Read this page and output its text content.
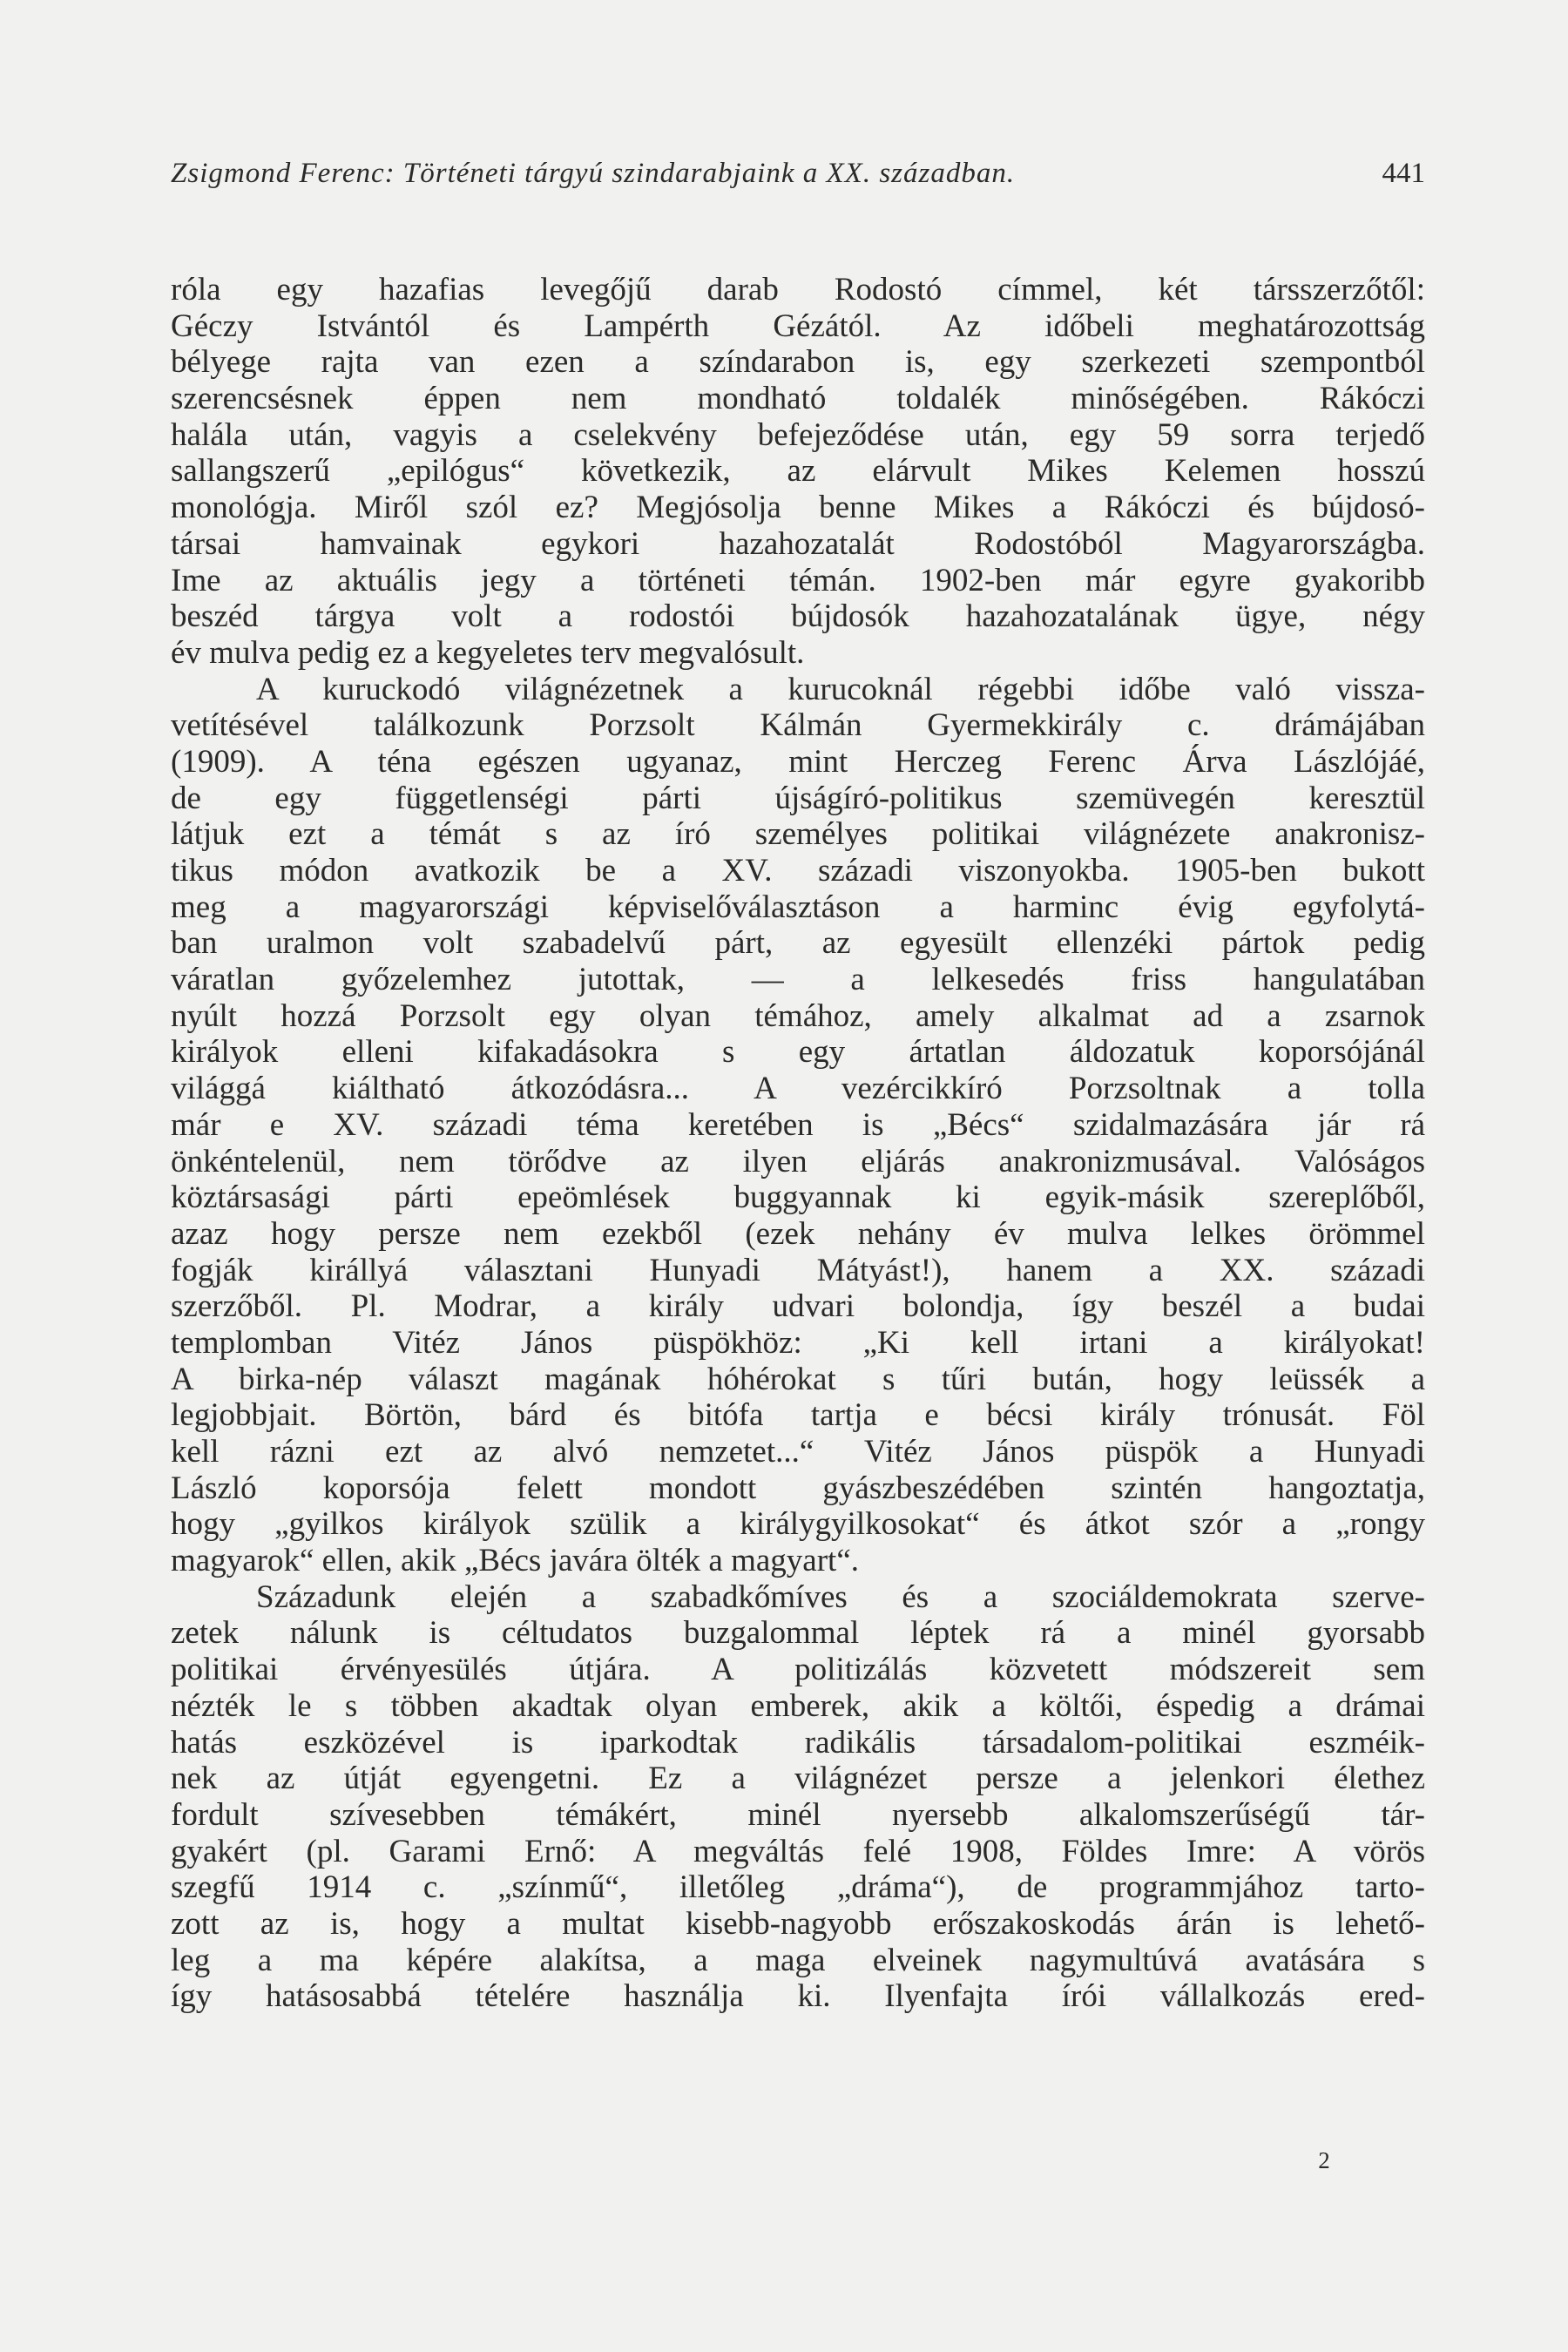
Zsigmond Ferenc: Történeti tárgyú szindarabjaink a XX. században.	441
róla egy hazafias levegőjű darab Rodostó címmel, két társszerzőtől:
Géczy Istvántól és Lampérth Gézától. Az időbeli meghatározottság
bélyege rajta van ezen a színdarabon is, egy szerkezeti szempontból
szerencsésnek éppen nem mondható toldalék minőségében. Rákóczi
halála után, vagyis a cselekvény befejeződése után, egy 59 sorra terjedő
sallangszerű „epilógus“ következik, az elárvult Mikes Kelemen hosszú
monológja. Miről szól ez? Megjósolja benne Mikes a Rákóczi és bújdosó-
társai hamvainak egykori hazahozatalát Rodostóból Magyarországba.
Ime az aktuális jegy a történeti témán. 1902-ben már egyre gyakoribb
beszéd tárgya volt a rodostói bújdosók hazahozatalának ügye, négy
év mulva pedig ez a kegyeletes terv megvalósult.
A kuruckodó világnézetnek a kurucoknál régebbi időbe való vissza-
vetítésével találkozunk Porzsolt Kálmán Gyermekkirály c. drámájában
(1909). A téna egészen ugyanaz, mint Herczeg Ferenc Árva Lászlójáé,
de egy függetlenségi párti újságíró-politikus szemüvegén keresztül
látjuk ezt a témát s az író személyes politikai világnézete anakronisz-
tikus módon avatkozik be a XV. századi viszonyokba. 1905-ben bukott
meg a magyarországi képviselőválasztáson a harminc évig egyfolytá-
ban uralmon volt szabadelvű párt, az egyesült ellenzéki pártok pedig
váratlan győzelemhez jutottak, — a lelkesedés friss hangulatában
nyúlt hozzá Porzsolt egy olyan témához, amely alkalmat ad a zsarnok
királyok elleni kifakadásokra s egy ártatlan áldozatuk koporsójánál
világgá kiáltható átkozódásra... A vezércikkíró Porzsoltnak a tolla
már e XV. századi téma keretében is „Bécs“ szidalmazására jár rá
önkéntelenül, nem törődve az ilyen eljárás anakronizmusával. Valóságos
köztársasági párti epeömlések buggyannak ki egyik-másik szereplőből,
azaz hogy persze nem ezekből (ezek nehány év mulva lelkes örömmel
fogják királlyá választani Hunyadi Mátyást!), hanem a XX. századi
szerzőből. Pl. Modrar, a király udvari bolondja, így beszél a budai
templomban Vitéz János püspökhöz: „Ki kell irtani a királyokat!
A birka-nép választ magának hóhérokat s tűri bután, hogy leüssék a
legjobbjait. Börtön, bárd és bitófa tartja e bécsi király trónusát. Föl
kell rázni ezt az alvó nemzetet...“ Vitéz János püspök a Hunyadi
László koporsója felett mondott gyászbeszédében szintén hangoztatja,
hogy „gyilkos királyok szülik a királygyilkosokat“ és átkot szór a „rongy
magyarok“ ellen, akik „Bécs javára ölték a magyart“.
Századunk elején a szabadkőmíves és a szociáldemokrata szerve-
zetek nálunk is céltudatos buzgalommal léptek rá a minél gyorsabb
politikai érvényesülés útjára. A politizálás közvetett módszereit sem
nézték le s többen akadtak olyan emberek, akik a költői, éspedig a drámai
hatás eszközével is iparkodtak radikális társadalom-politikai eszméik-
nek az útját egyengetni. Ez a világnézet persze a jelenkori élethez
fordult szívesebben témákért, minél nyersebb alkalomszerűségű tár-
gyakért (pl. Garami Ernő: A megváltás felé 1908, Földes Imre: A vörös
szegfű 1914 c. „színmű“, illetőleg „dráma“), de programmjához tarto-
zott az is, hogy a multat kisebb-nagyobb erőszakoskodás árán is lehető-
leg a ma képére alakítsa, a maga elveinek nagymultúvá avatására s
így hatásosabbá tételére használja ki. Ilyenfajta írói vállalkozás ered-
2
